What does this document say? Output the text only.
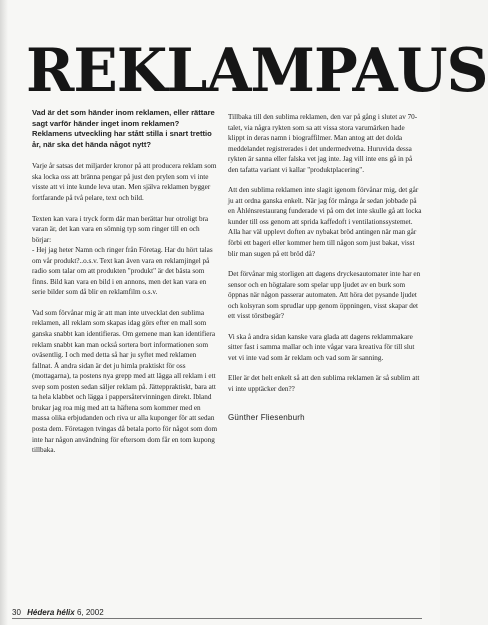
REKLAMPAUS

Vad är det som händer inom reklamen, eller rättare sagt varför händer inget inom reklamen? Reklamens utveckling har stått stilla i snart trettio år, när ska det hända något nytt?

Varje år satsas det miljarder kronor på att producera reklam som ska locka oss att bränna pengar på just den prylen som vi inte visste att vi inte kunde leva utan. Men själva reklamen bygger fortfarande på två pelare, text och bild.

Texten kan vara i tryck form där man berättar hur otroligt bra varan är, det kan vara en sömnig typ som ringer till en och börjar:

- Hej jag heter Namn och ringer från Företag. Har du hört talas om vår produkt?..o.s.v. Text kan även vara en reklamjingel på radio som talar om att produkten "produkt" är det bästa som finns. Bild kan vara en bild i en annons, men det kan vara en serie bilder som då blir en reklamfilm o.s.v.

Vad som förvånar mig är att man inte utvecklat den sublima reklamen, all reklam som skapas idag görs efter en mall som ganska snabbt kan identifieras. Om gemene man kan identifiera reklam snabbt kan man också sortera bort informationen som oväsentlig. I och med detta så har ju syftet med reklamen fallnat. Å andra sidan är det ju himla praktiskt för oss (mottagarna), ta postens nya grepp med att lägga all reklam i ett svep som posten sedan säljer reklam på. Jätteppraktiskt, bara att ta hela klabbet och lägga i pappersåtervinningen direkt. Ibland brukar jag roa mig med att ta häftena som kommer med en massa olika erbjudanden och riva ur alla kuponger för att sedan posta dem. Företagen tvingas då betala porto för något som dom inte har någon användning för eftersom dom får en tom kupong tillbaka.

Tillbaka till den sublima reklamen, den var på gång i slutet av 70-talet, via några rykten som sa att vissa stora varumärken hade klippt in deras namn i biograffilmer. Man antog att det dolda meddelandet registrerades i det undermedvetna. Huruvida dessa rykten är sanna eller falska vet jag inte. Jag vill inte ens gå in på den tafatta variant vi kallar "produktplacering".

Att den sublima reklamen inte slagit igenom förvånar mig, det går ju att ordna ganska enkelt. När jag för många år sedan jobbade på en Åhlénsrestaurang funderade vi på om det inte skulle gå att locka kunder till oss genom att sprida kaffedoft i ventilationssystemet. Alla har väl upplevt doften av nybakat bröd antingen när man går förbi ett bageri eller kommer hem till någon som just bakat, visst blir man sugen på ett bröd då?

Det förvånar mig storligen att dagens dryckesautomater inte har en sensor och en högtalare som spelar upp ljudet av en burk som öppnas när någon passerar automaten. Att höra det pysande ljudet och kolsyran som sprudlar upp genom öppningen, visst skapar det ett visst törstbegär?

Vi ska å andra sidan kanske vara glada att dagens reklammakare sitter fast i samma mallar och inte vågar vara kreativa för till slut vet vi inte vad som är reklam och vad som är sanning.

Eller är det helt enkelt så att den sublima reklamen är så sublim att vi inte upptäcker den??

Günther Fliesenburh
30 Hédera hélix 6, 2002
